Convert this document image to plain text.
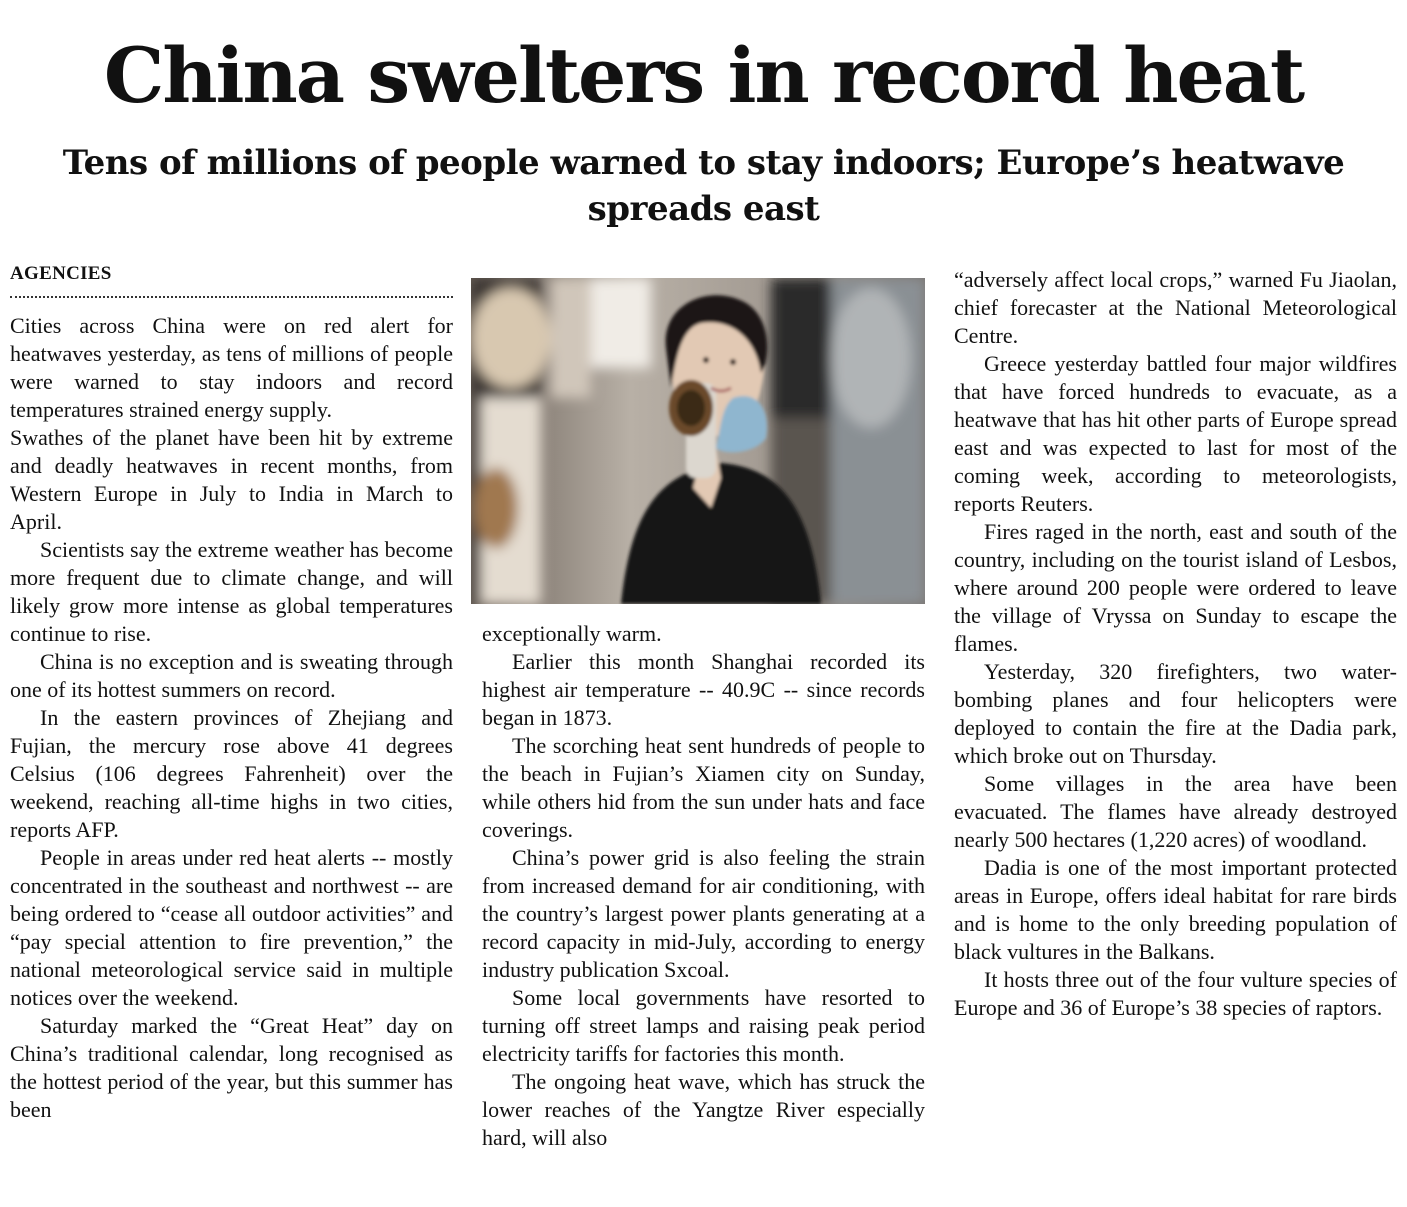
China swelters in record heat
Tens of millions of people warned to stay indoors; Europe’s heatwave spreads east
AGENCIES

Cities across China were on red alert for heatwaves yesterday, as tens of millions of people were warned to stay indoors and record temperatures strained energy supply.

Swathes of the planet have been hit by extreme and deadly heatwaves in recent months, from Western Europe in July to India in March to April.

Scientists say the extreme weather has become more frequent due to climate change, and will likely grow more intense as global temperatures continue to rise.

China is no exception and is sweating through one of its hottest summers on record.

In the eastern provinces of Zhejiang and Fujian, the mercury rose above 41 degrees Celsius (106 degrees Fahrenheit) over the weekend, reaching all-time highs in two cities, reports AFP.

People in areas under red heat alerts -- mostly concentrated in the southeast and northwest -- are being ordered to “cease all outdoor activities” and “pay special attention to fire prevention,” the national meteorological service said in multiple notices over the weekend.

Saturday marked the “Great Heat” day on China’s traditional calendar, long recognised as the hottest period of the year, but this summer has been

exceptionally warm.

Earlier this month Shanghai recorded its highest air temperature -- 40.9C -- since records began in 1873.

The scorching heat sent hundreds of people to the beach in Fujian’s Xiamen city on Sunday, while others hid from the sun under hats and face coverings.

China’s power grid is also feeling the strain from increased demand for air conditioning, with the country’s largest power plants generating at a record capacity in mid-July, according to energy industry publication Sxcoal.

Some local governments have resorted to turning off street lamps and raising peak period electricity tariffs for factories this month.

The ongoing heat wave, which has struck the lower reaches of the Yangtze River especially hard, will also

“adversely affect local crops,” warned Fu Jiaolan, chief forecaster at the National Meteorological Centre.

Greece yesterday battled four major wildfires that have forced hundreds to evacuate, as a heatwave that has hit other parts of Europe spread east and was expected to last for most of the coming week, according to meteorologists, reports Reuters.

Fires raged in the north, east and south of the country, including on the tourist island of Lesbos, where around 200 people were ordered to leave the village of Vryssa on Sunday to escape the flames.

Yesterday, 320 firefighters, two water-bombing planes and four helicopters were deployed to contain the fire at the Dadia park, which broke out on Thursday.

Some villages in the area have been evacuated. The flames have already destroyed nearly 500 hectares (1,220 acres) of woodland.

Dadia is one of the most important protected areas in Europe, offers ideal habitat for rare birds and is home to the only breeding population of black vultures in the Balkans.

It hosts three out of the four vulture species of Europe and 36 of Europe’s 38 species of raptors.
